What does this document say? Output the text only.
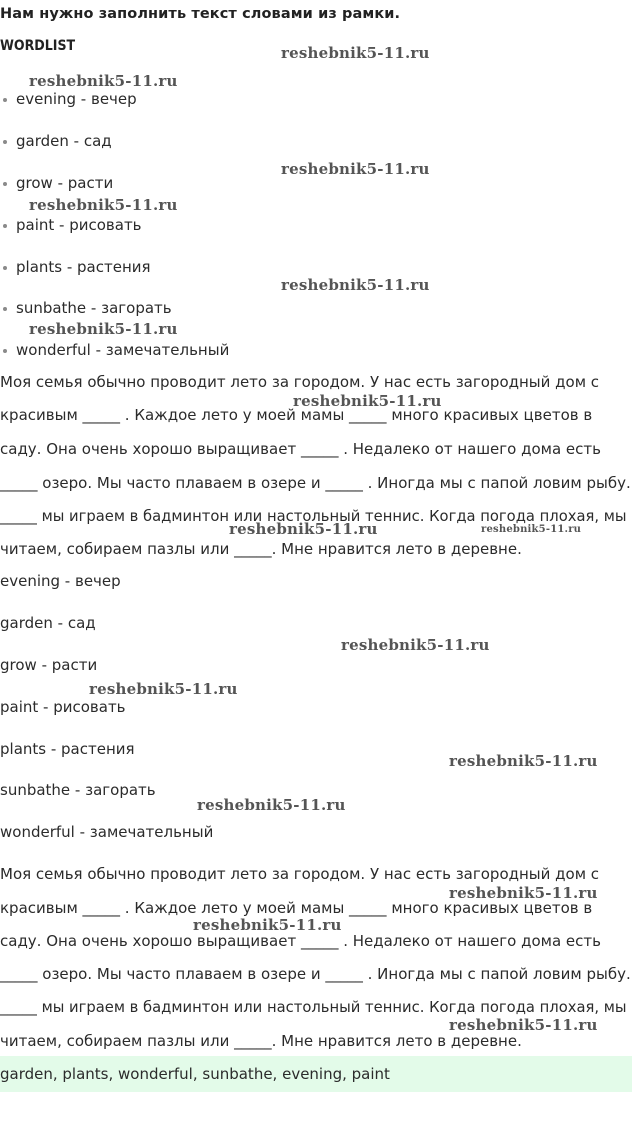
Нам нужно заполнить текст словами из рамки.
WORDLIST
evening - вечер
garden - сад
grow - расти
paint - рисовать
plants - растения
sunbathe - загорать
wonderful - замечательный
Моя семья обычно проводит лето за городом. У нас есть загородный дом с
красивым _____ . Каждое лето у моей мамы _____ много красивых цветов в
саду. Она очень хорошо выращивает _____ . Недалеко от нашего дома есть
_____ озеро. Мы часто плаваем в озере и _____ . Иногда мы с папой ловим рыбу.
_____ мы играем в бадминтон или настольный теннис. Когда погода плохая, мы
читаем, собираем пазлы или _____. Мне нравится лето в деревне.
evening - вечер
garden - сад
grow - расти
paint - рисовать
plants - растения
sunbathe - загорать
wonderful - замечательный
Моя семья обычно проводит лето за городом. У нас есть загородный дом с
красивым _____ . Каждое лето у моей мамы _____ много красивых цветов в
саду. Она очень хорошо выращивает _____ . Недалеко от нашего дома есть
_____ озеро. Мы часто плаваем в озере и _____ . Иногда мы с папой ловим рыбу.
_____ мы играем в бадминтон или настольный теннис. Когда погода плохая, мы
читаем, собираем пазлы или _____. Мне нравится лето в деревне.
garden, plants, wonderful, sunbathe, evening, paint
reshebnik5-11.ru
reshebnik5-11.ru
reshebnik5-11.ru
reshebnik5-11.ru
reshebnik5-11.ru
reshebnik5-11.ru
reshebnik5-11.ru
reshebnik5-11.ru	reshebnik5-11.ru
reshebnik5-11.ru
reshebnik5-11.ru
reshebnik5-11.ru
reshebnik5-11.ru
reshebnik5-11.ru
reshebnik5-11.ru
reshebnik5-11.ru
